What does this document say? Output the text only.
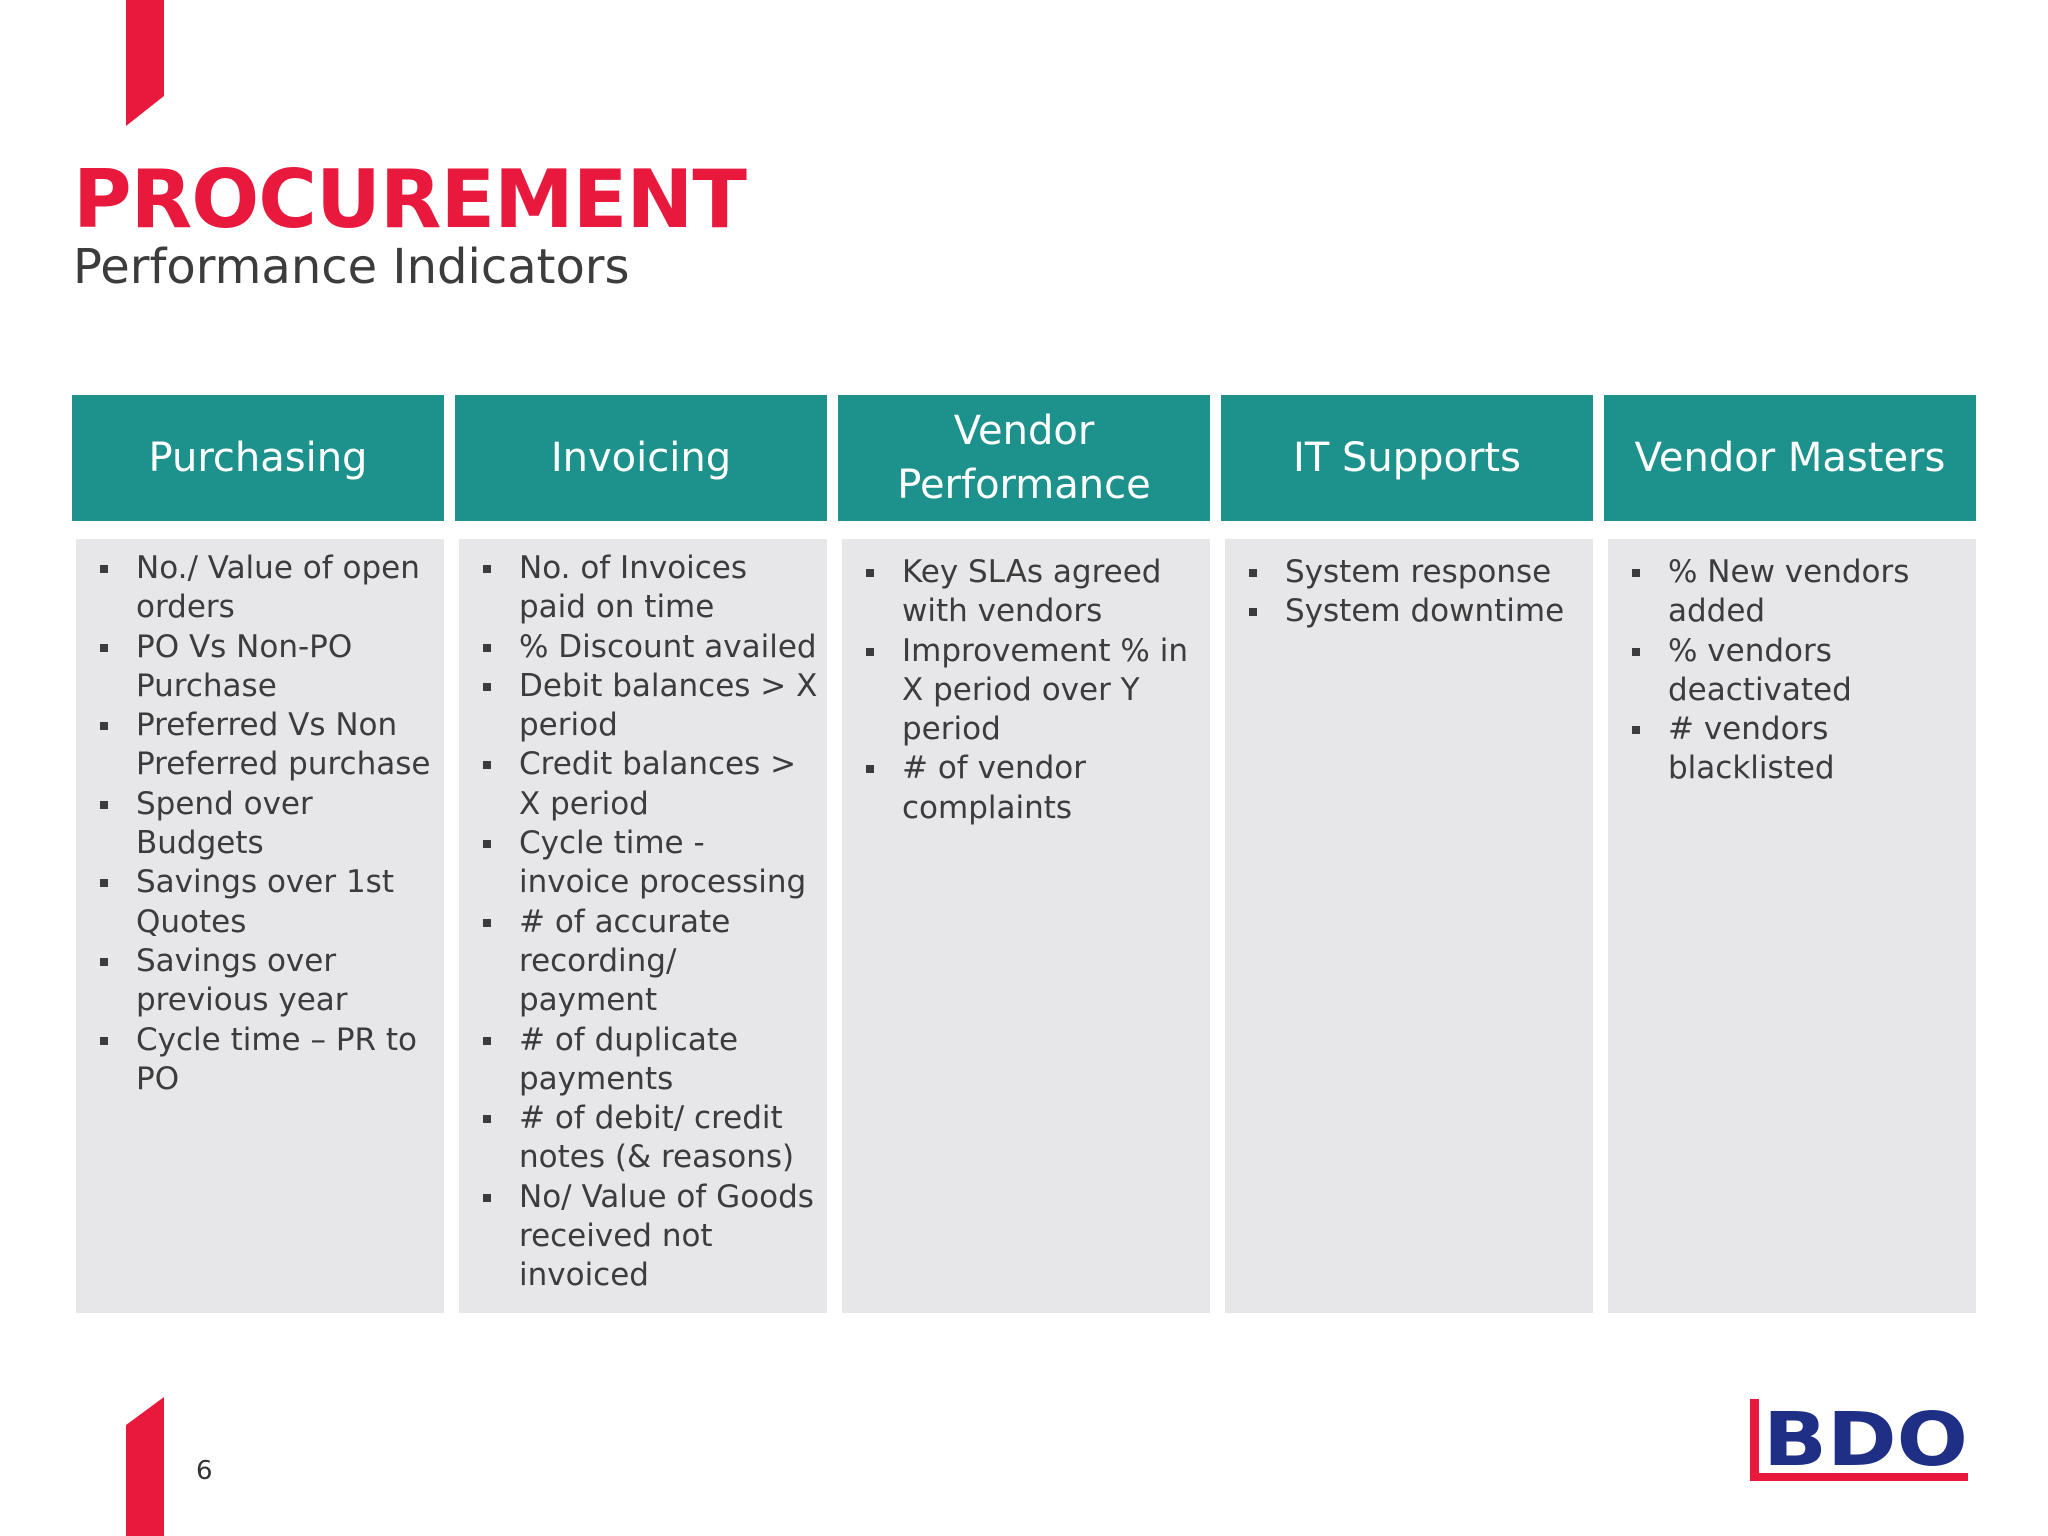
PROCUREMENT
Performance Indicators
Purchasing
No./ Value of open orders
PO Vs Non-PO Purchase
Preferred Vs Non Preferred purchase
Spend over Budgets
Savings over 1st Quotes
Savings over previous year
Cycle time – PR to PO
Invoicing
No. of Invoices paid on time
% Discount availed
Debit balances > X period
Credit balances > X period
Cycle time - invoice processing
# of accurate recording/ payment
# of duplicate payments
# of debit/ credit notes (& reasons)
No/ Value of Goods received not invoiced
Vendor Performance
Key SLAs agreed with vendors
Improvement % in X period over Y period
# of vendor complaints
IT Supports
System response
System downtime
Vendor Masters
% New vendors added
% vendors deactivated
# vendors blacklisted
6	BDO
